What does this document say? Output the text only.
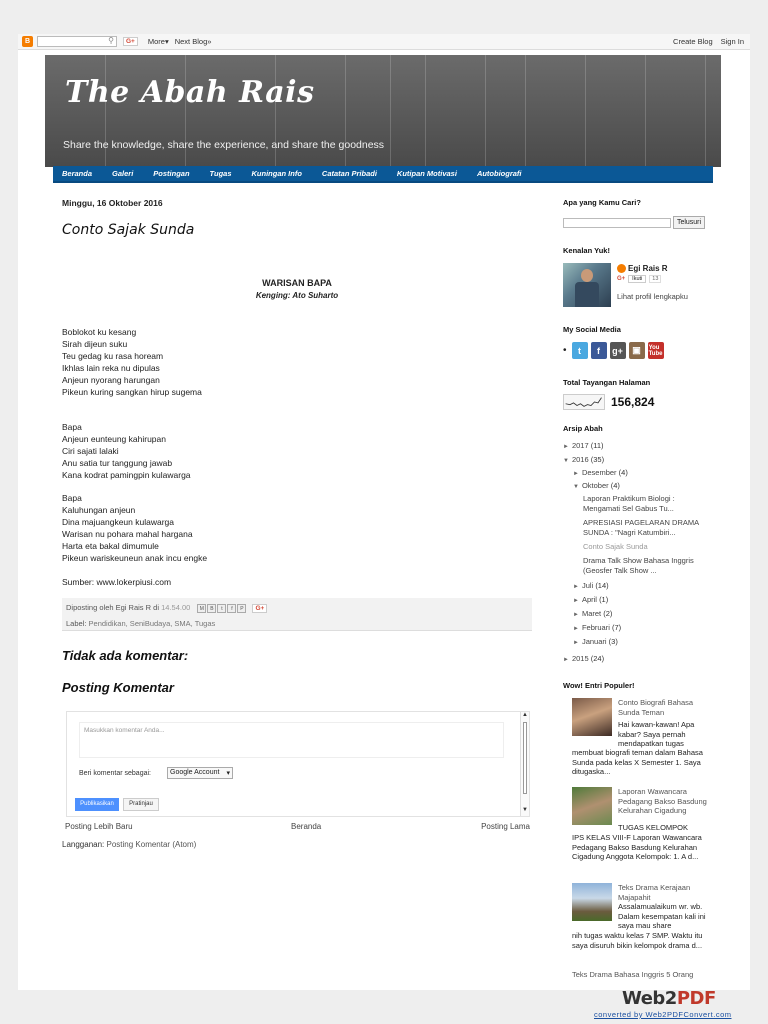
B	⚲	G+	More▾ Next Blog»	Create Blog Sign In
The Abah Rais
Share the knowledge, share the experience, and share the goodness
Beranda	Galeri	Postingan	Tugas	Kuningan Info	Catatan Pribadi	Kutipan Motivasi	Autobiografi
Minggu, 16 Oktober 2016
Conto Sajak Sunda
WARISAN BAPA
Kenging: Ato Suharto
Boblokot ku kesang
Sirah dijeun suku
Teu gedag ku rasa hoream
Ikhlas lain reka nu dipulas
Anjeun nyorang harungan
Pikeun kuring sangkan hirup sugema
Bapa
Anjeun eunteung kahirupan
Ciri sajati lalaki
Anu satia tur tanggung jawab
Kana kodrat pamingpin kulawarga
Bapa
Kaluhungan anjeun
Dina majuangkeun kulawarga
Warisan nu pohara mahal hargana
Harta eta bakal dimumule
Pikeun wariskeuneun anak incu engke
Sumber: www.lokerpiusi.com
Diposting oleh Egi Rais R di 14.54.00	M	B	t	f	P	G+
Label: Pendidikan, SeniBudaya, SMA, Tugas
Tidak ada komentar:
Posting Komentar
Masukkan komentar Anda...
Beri komentar sebagai:	Google Account ▾
Publikasikan	Pratinjau
▲
▼
Posting Lebih Baru	Beranda	Posting Lama
Langganan: Posting Komentar (Atom)
Apa yang Kamu Cari?
Telusuri
Kenalan Yuk!
Egi Rais R
G+	Ikuti	13
Lihat profil lengkapku
My Social Media
•	t	f	g+	▣	You
Tube
Total Tayangan Halaman
156,824
Arsip Abah
► 2017 (11)
▼ 2016 (35)
► Desember (4)
▼ Oktober (4)
Laporan Praktikum Biologi : Mengamati Sel Gabus Tu...
APRESIASI PAGELARAN DRAMA SUNDA : "Nagri Katumbiri...
Conto Sajak Sunda
Drama Talk Show Bahasa Inggris (Geosfer Talk Show ...
► Juli (14)
► April (1)
► Maret (2)
► Februari (7)
► Januari (3)
► 2015 (24)
Wow! Entri Populer!
Conto Biografi Bahasa Sunda Teman
Hai kawan-kawan! Apa kabar? Saya pernah mendapatkan tugas
membuat biografi teman dalam Bahasa Sunda pada kelas X Semester 1. Saya ditugaska...
Laporan Wawancara Pedagang Bakso Basdung Kelurahan Cigadung
TUGAS KELOMPOK
IPS KELAS VIII-F Laporan Wawancara Pedagang Bakso Basdung Kelurahan Cigadung Anggota Kelompok: 1. A d...
Teks Drama Kerajaan Majapahit
Assalamualaikum wr. wb. Dalam kesempatan kali ini saya mau share
nih tugas waktu kelas 7 SMP. Waktu itu saya disuruh bikin kelompok drama d...
Teks Drama Bahasa Inggris 5 Orang
Web2PDF
converted by Web2PDFConvert.com
